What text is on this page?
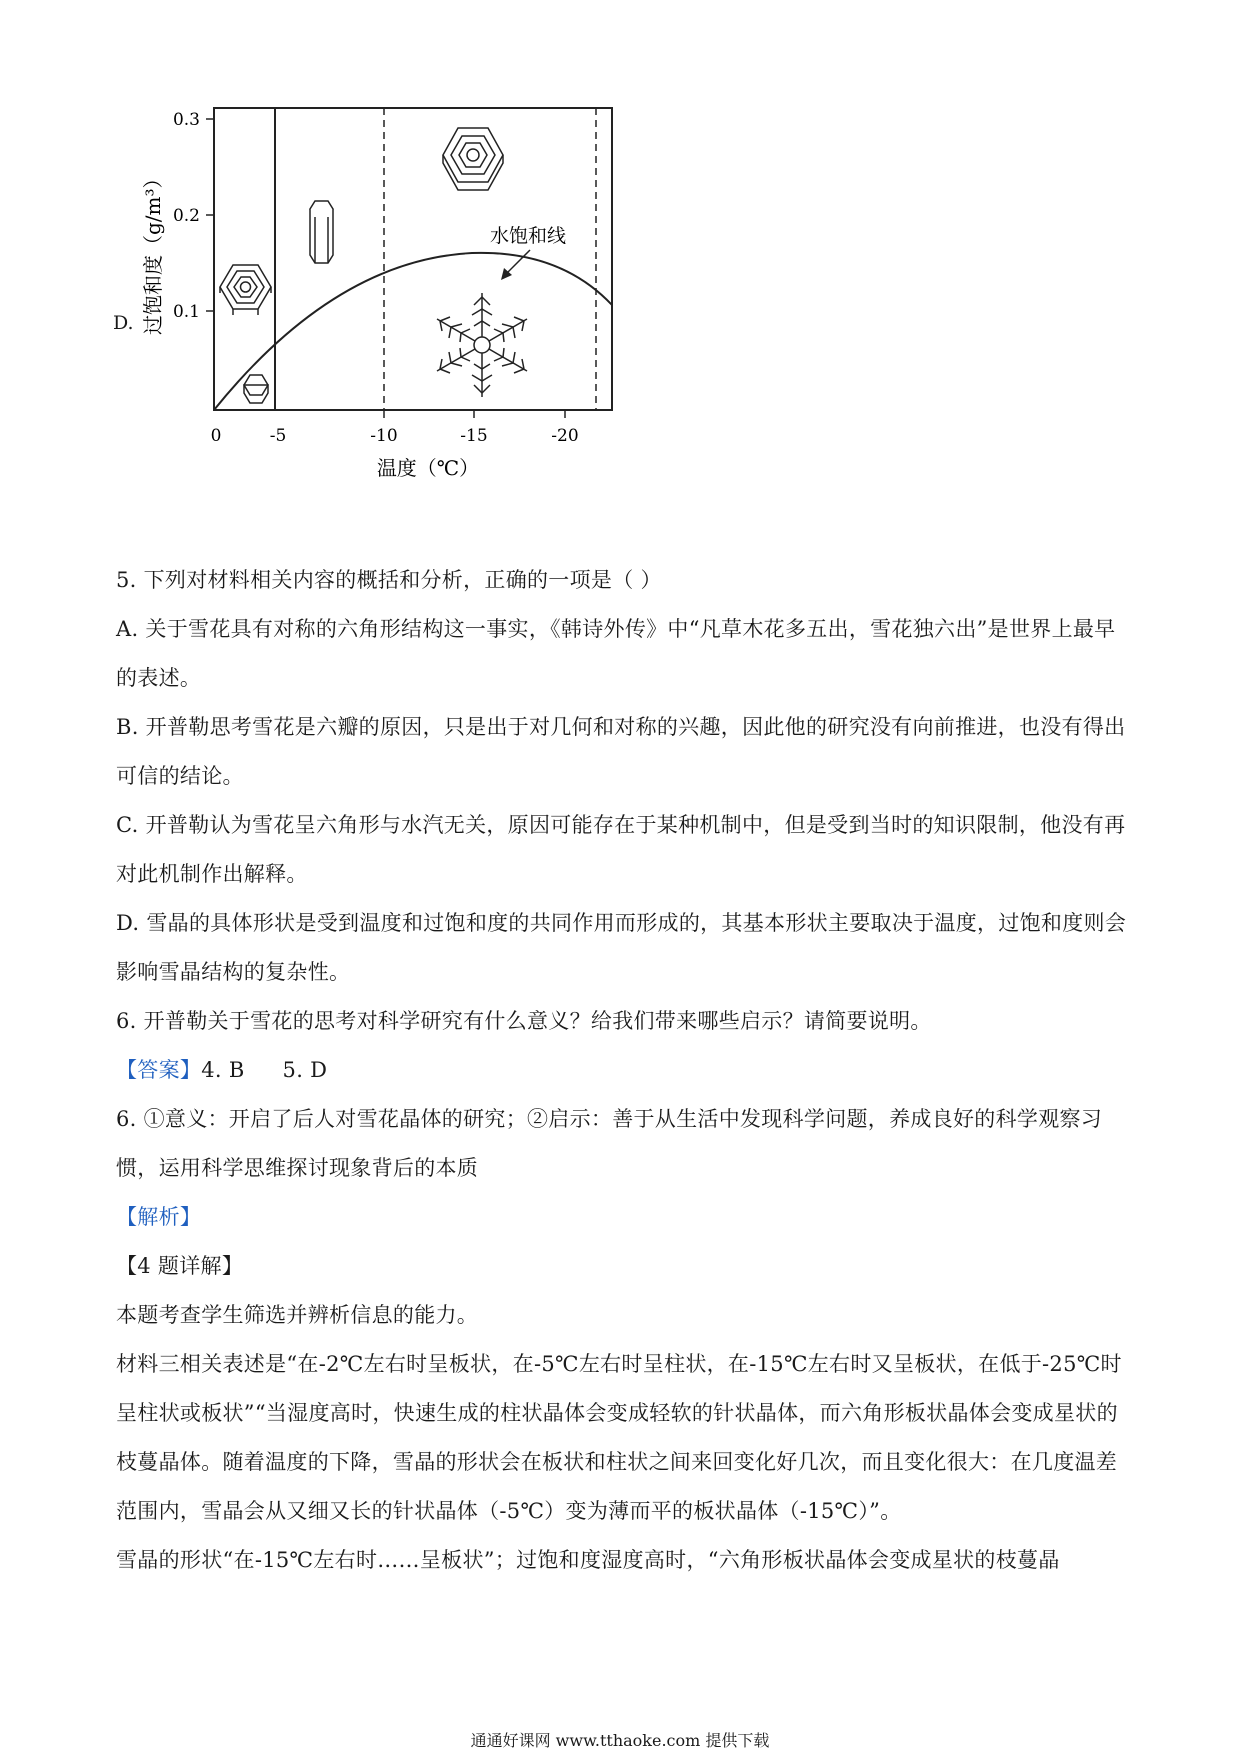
D.
0.3
0.2
0.1
过饱和度（g/m³）
0	-5	-10	-15	-20
温度（℃）
水饱和线
5. 下列对材料相关内容的概括和分析，正确的一项是（ ）
A. 关于雪花具有对称的六角形结构这一事实，《韩诗外传》中“凡草木花多五出，雪花独六出”是世界上最早的表述。
B. 开普勒思考雪花是六瓣的原因，只是出于对几何和对称的兴趣，因此他的研究没有向前推进，也没有得出可信的结论。
C. 开普勒认为雪花呈六角形与水汽无关，原因可能存在于某种机制中，但是受到当时的知识限制，他没有再对此机制作出解释。
D. 雪晶的具体形状是受到温度和过饱和度的共同作用而形成的，其基本形状主要取决于温度，过饱和度则会影响雪晶结构的复杂性。
6. 开普勒关于雪花的思考对科学研究有什么意义？给我们带来哪些启示？请简要说明。
【答案】4. B 5. D
6. ①意义：开启了后人对雪花晶体的研究；②启示：善于从生活中发现科学问题，养成良好的科学观察习惯，运用科学思维探讨现象背后的本质
【解析】
【4 题详解】
本题考查学生筛选并辨析信息的能力。
材料三相关表述是“在-2℃左右时呈板状，在-5℃左右时呈柱状，在-15℃左右时又呈板状，在低于-25℃时呈柱状或板状”“当湿度高时，快速生成的柱状晶体会变成轻软的针状晶体，而六角形板状晶体会变成星状的枝蔓晶体。随着温度的下降，雪晶的形状会在板状和柱状之间来回变化好几次，而且变化很大：在几度温差范围内，雪晶会从又细又长的针状晶体（-5℃）变为薄而平的板状晶体（-15℃）”。
雪晶的形状“在-15℃左右时……呈板状”；过饱和度湿度高时，“六角形板状晶体会变成星状的枝蔓晶
通通好课网 www.tthaoke.com 提供下载
